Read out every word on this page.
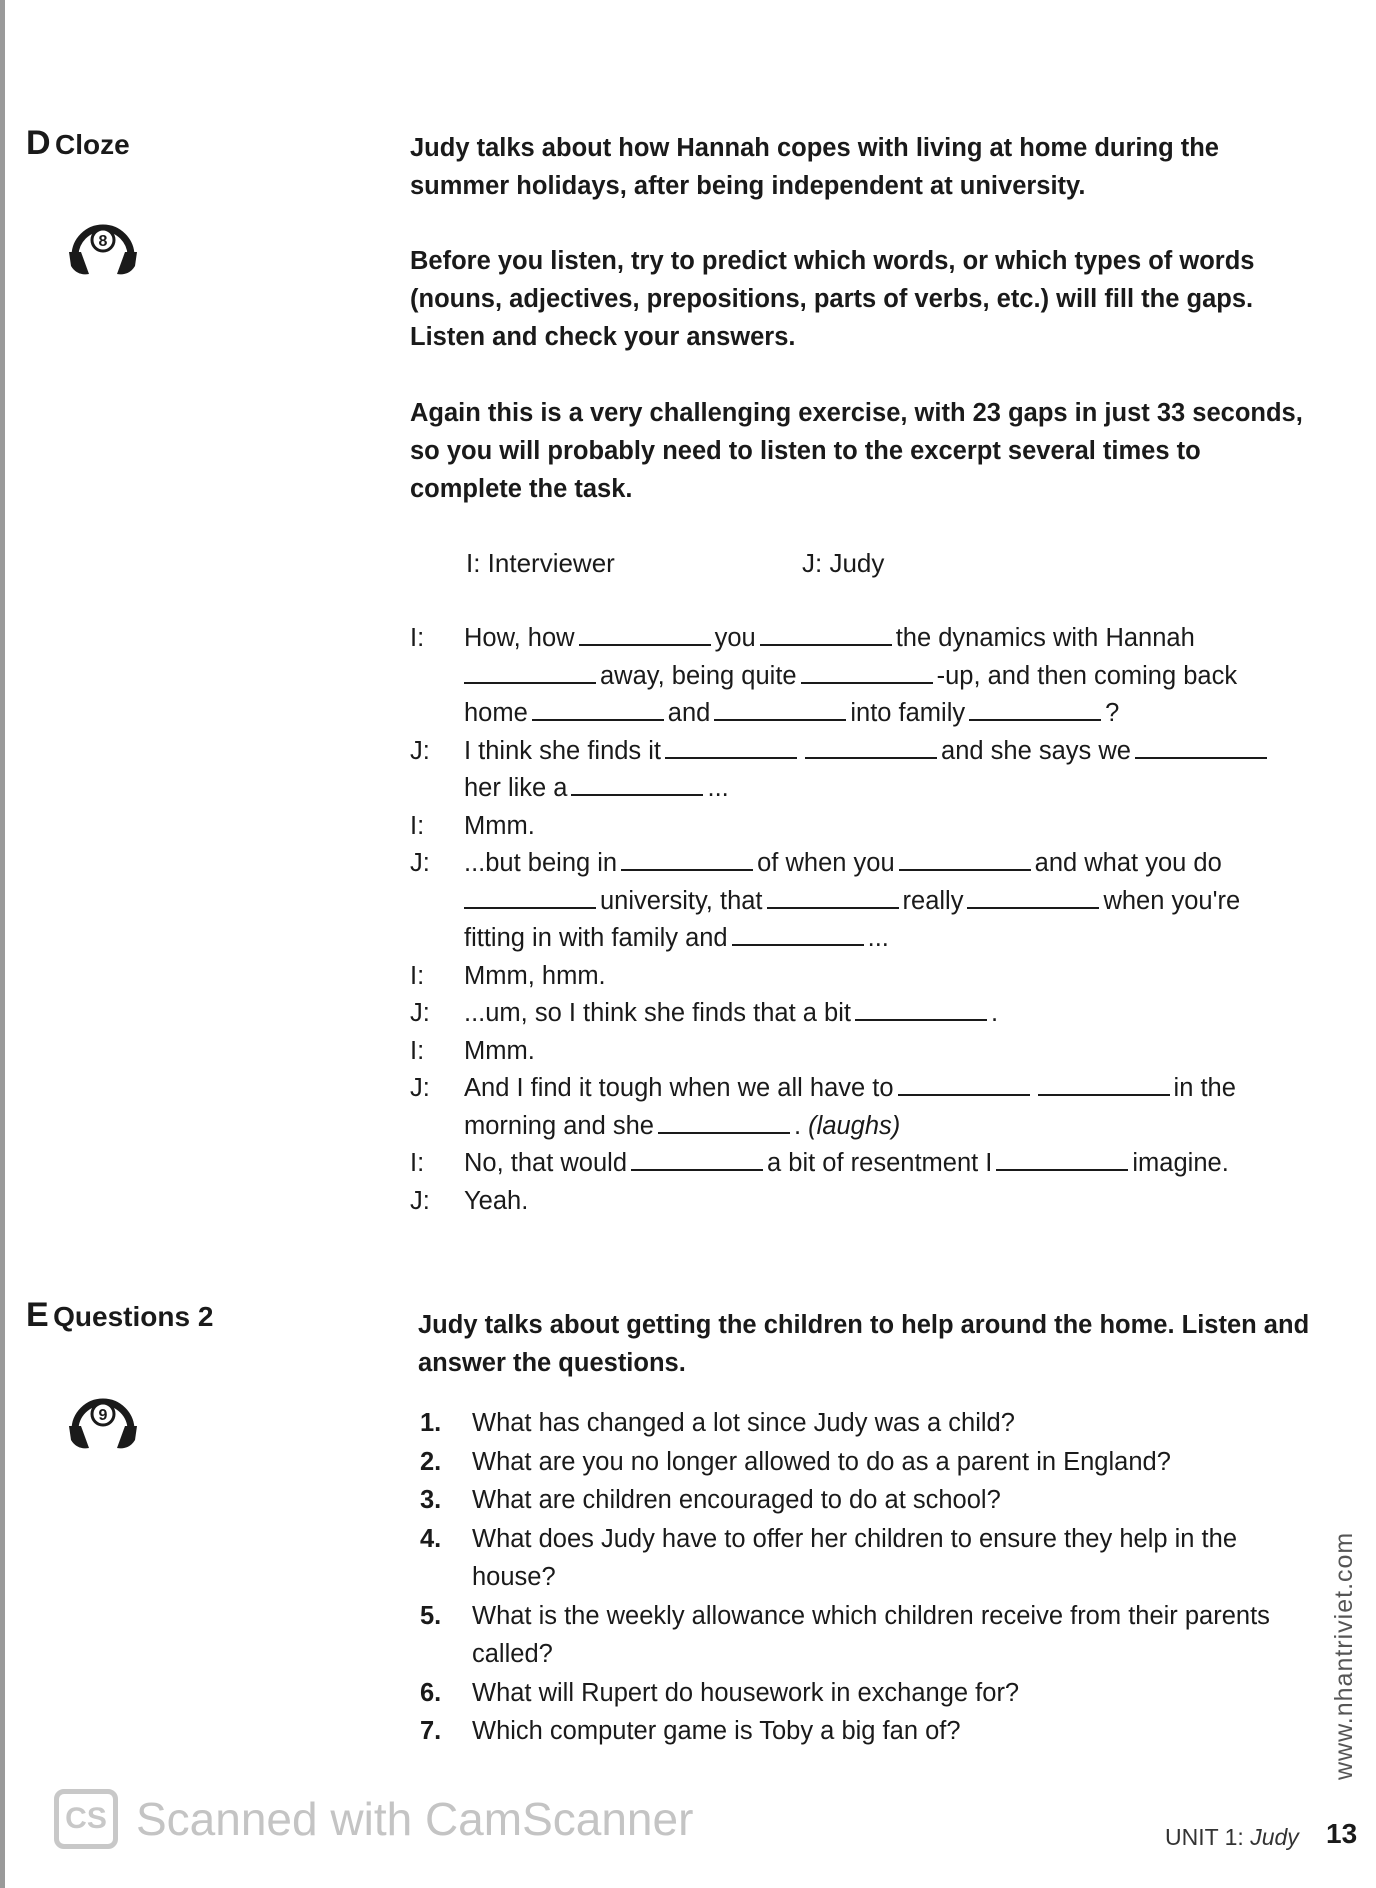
D Cloze
8

Judy talks about how Hannah copes with living at home during the summer holidays, after being independent at university.

Before you listen, try to predict which words, or which types of words (nouns, adjectives, prepositions, parts of verbs, etc.) will fill the gaps. Listen and check your answers.

Again this is a very challenging exercise, with 23 gaps in just 33 seconds, so you will probably need to listen to the excerpt several times to complete the task.

I: Interviewer	J: Judy
I:	How, how	you	the dynamics with Hannah
away, being quite	-up, and then coming back
home	and	into family	?
J:	I think she finds it	and she says we
her like a	...
I:	Mmm.
J:	...but being in	of when you	and what you do
university, that	really	when you're
fitting in with family and	...
I:	Mmm, hmm.
J:	...um, so I think she finds that a bit	.
I:	Mmm.
J:	And I find it tough when we all have to	in the
morning and she	. (laughs)
I:	No, that would	a bit of resentment I	imagine.
J:	Yeah.
E Questions 2
9

Judy talks about getting the children to help around the home. Listen and answer the questions.

1. What has changed a lot since Judy was a child?
2. What are you no longer allowed to do as a parent in England?
3. What are children encouraged to do at school?
4. What does Judy have to offer her children to ensure they help in the house?
5. What is the weekly allowance which children receive from their parents called?
6. What will Rupert do housework in exchange for?
7. Which computer game is Toby a big fan of?	www.nhantriviet.com
CS Scanned with CamScanner	UNIT 1: Judy 13
